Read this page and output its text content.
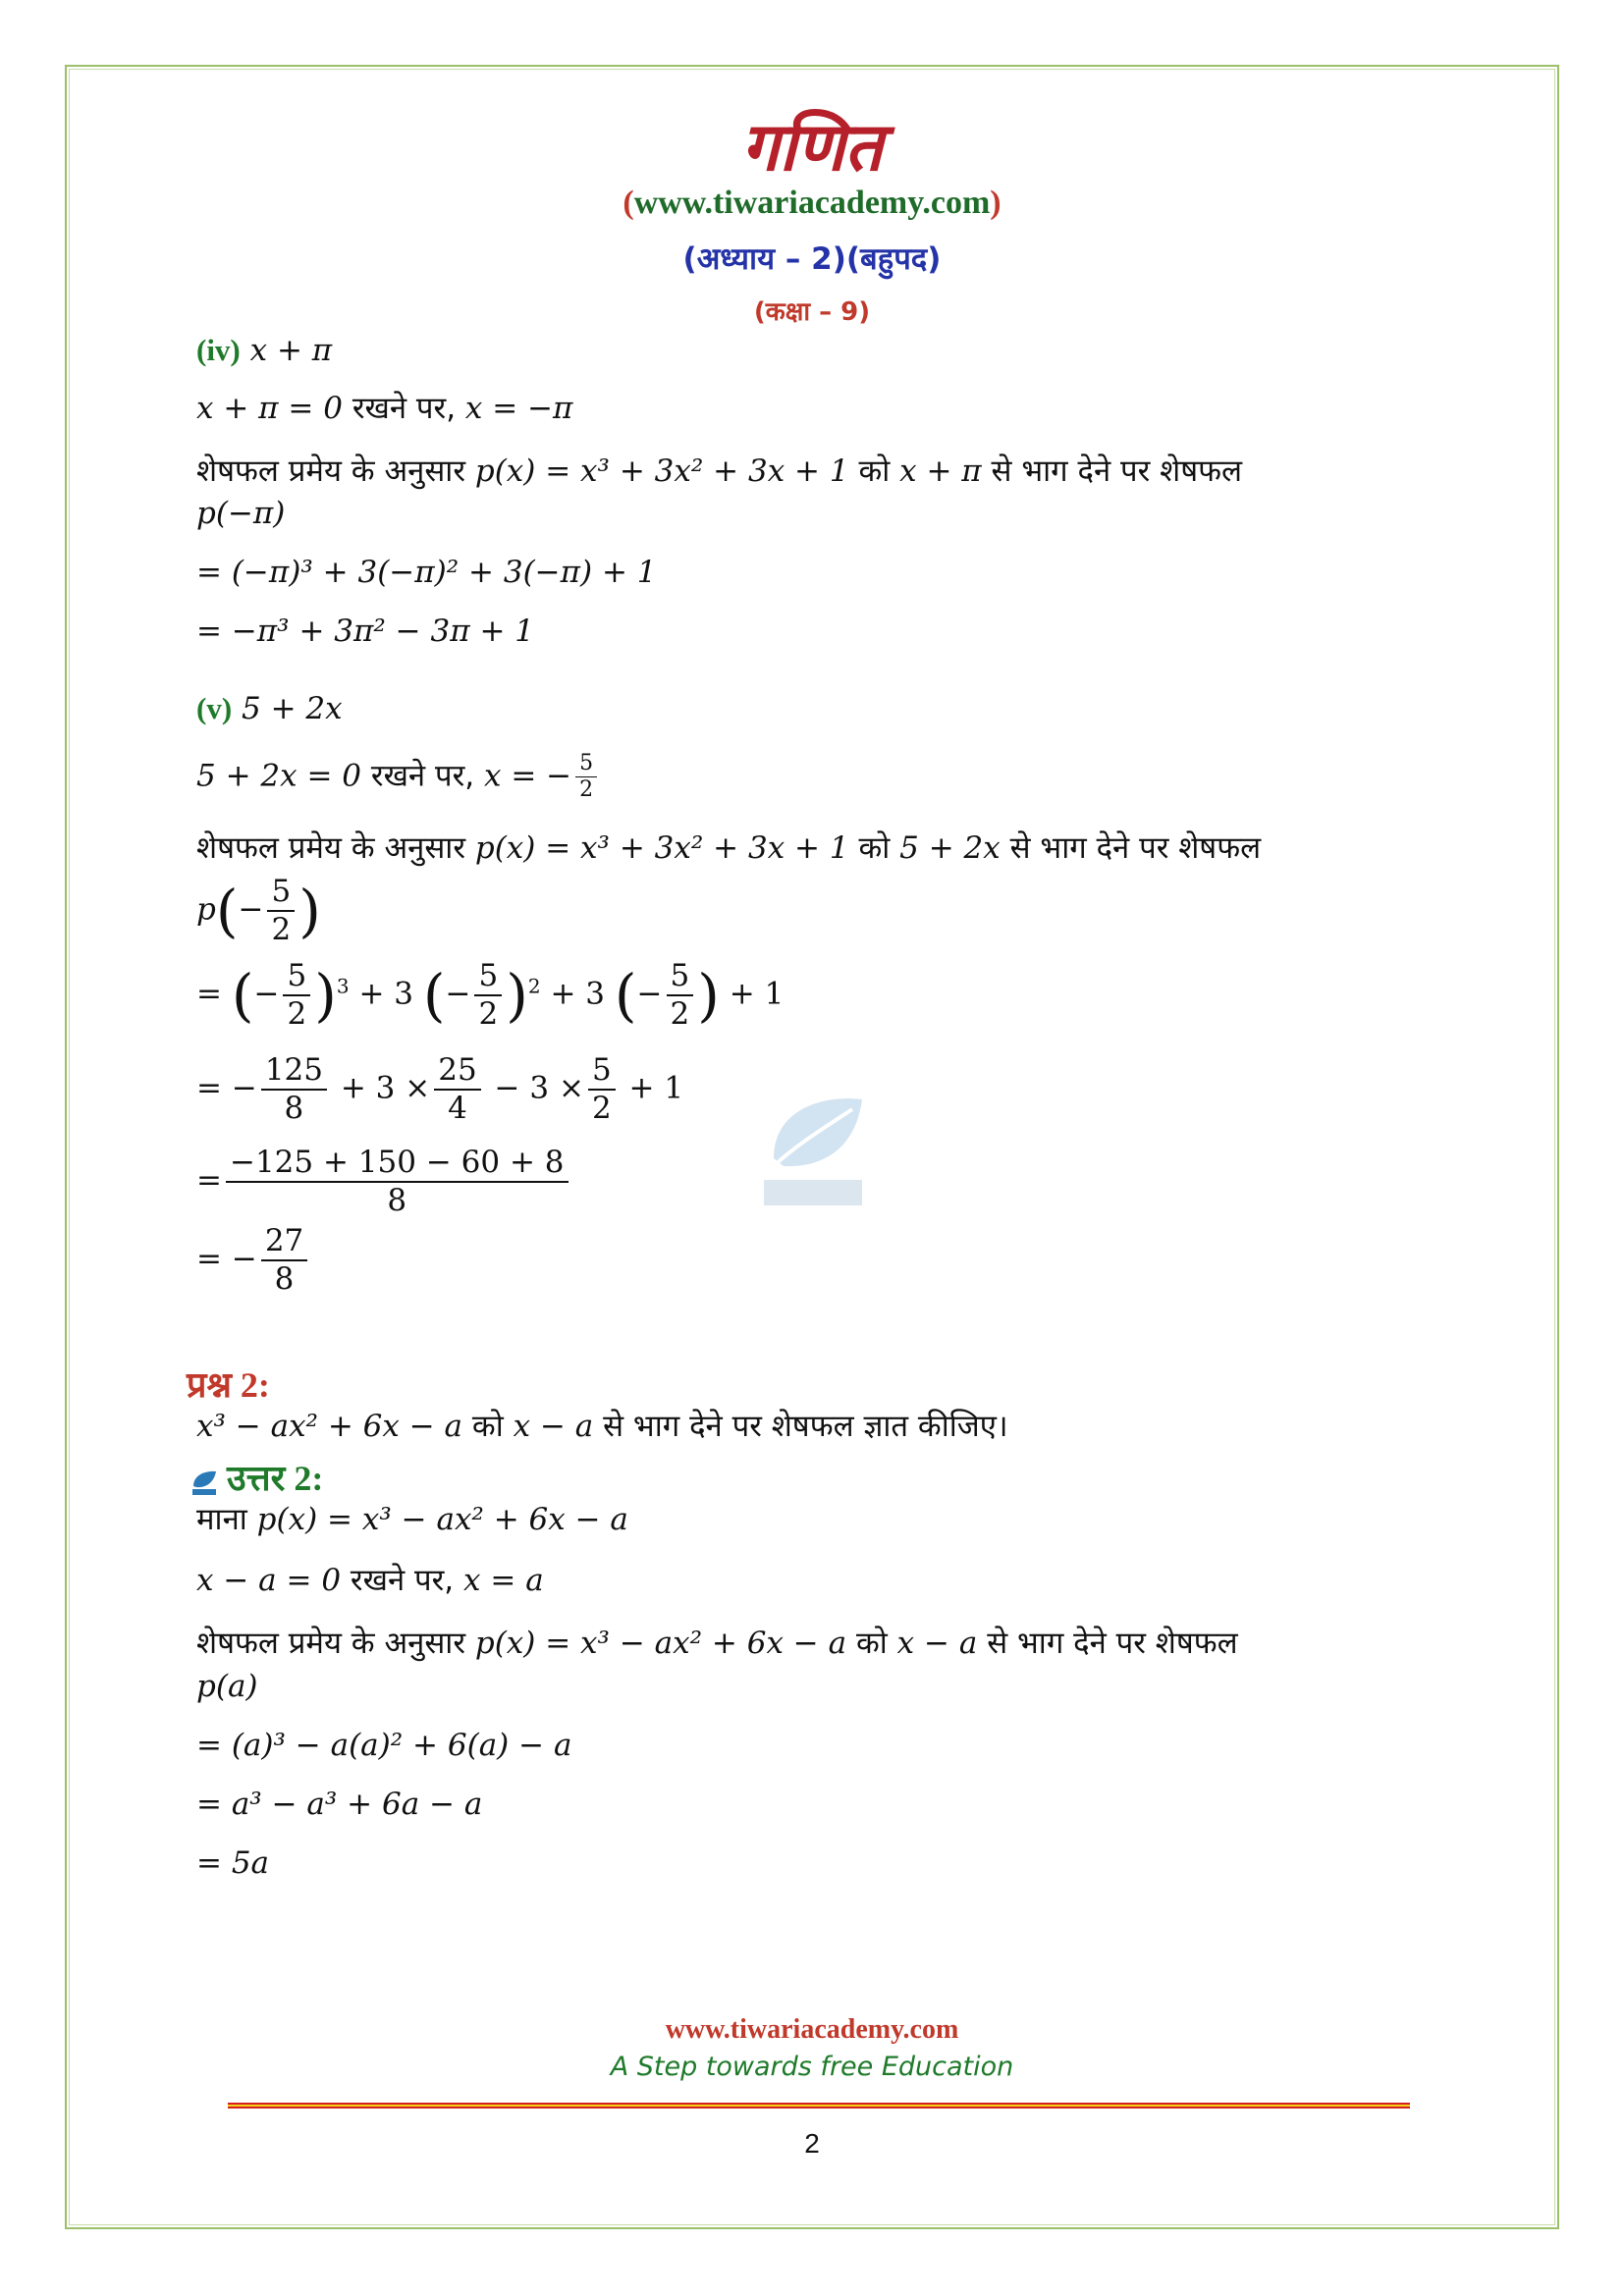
गणित
(www.tiwariacademy.com)
(अध्याय – 2)(बहुपद)
(कक्षा – 9)
(iv) x + π
x + π = 0 रखने पर, x = −π
शेषफल प्रमेय के अनुसार p(x) = x³ + 3x² + 3x + 1 को x + π से भाग देने पर शेषफल
p(−π)
= (−π)³ + 3(−π)² + 3(−π) + 1
= −π³ + 3π² − 3π + 1
(v) 5 + 2x
5 + 2x = 0 रखने पर, x = − $\frac{5}{2}$
शेषफल प्रमेय के अनुसार p(x) = x³ + 3x² + 3x + 1 को 5 + 2x से भाग देने पर शेषफल
$p(- \frac{5}{2}$ )
= (− $\frac{5}{2} )^3 + 3$ (− $\frac{5}{2} )^2 + 3$ (− $\frac{5}{2}$ ) + 1
= − $\frac{125}{8} + 3 \times \frac{25}{4} - 3 \times \frac{5}{2} + 1$
= $\frac{-125 + 150 - 60 + 8}{8}$
= − $\frac{27}{8}$
प्रश्न 2:
x³ − ax² + 6x − a को x − a से भाग देने पर शेषफल ज्ञात कीजिए।
उत्तर 2:
माना p(x) = x³ − ax² + 6x − a
x − a = 0 रखने पर, x = a
शेषफल प्रमेय के अनुसार p(x) = x³ − ax² + 6x − a को x − a से भाग देने पर शेषफल
p(a)
= (a)³ − a(a)² + 6(a) − a
= a³ − a³ + 6a − a
= 5a
www.tiwariacademy.com
A Step towards free Education
2
